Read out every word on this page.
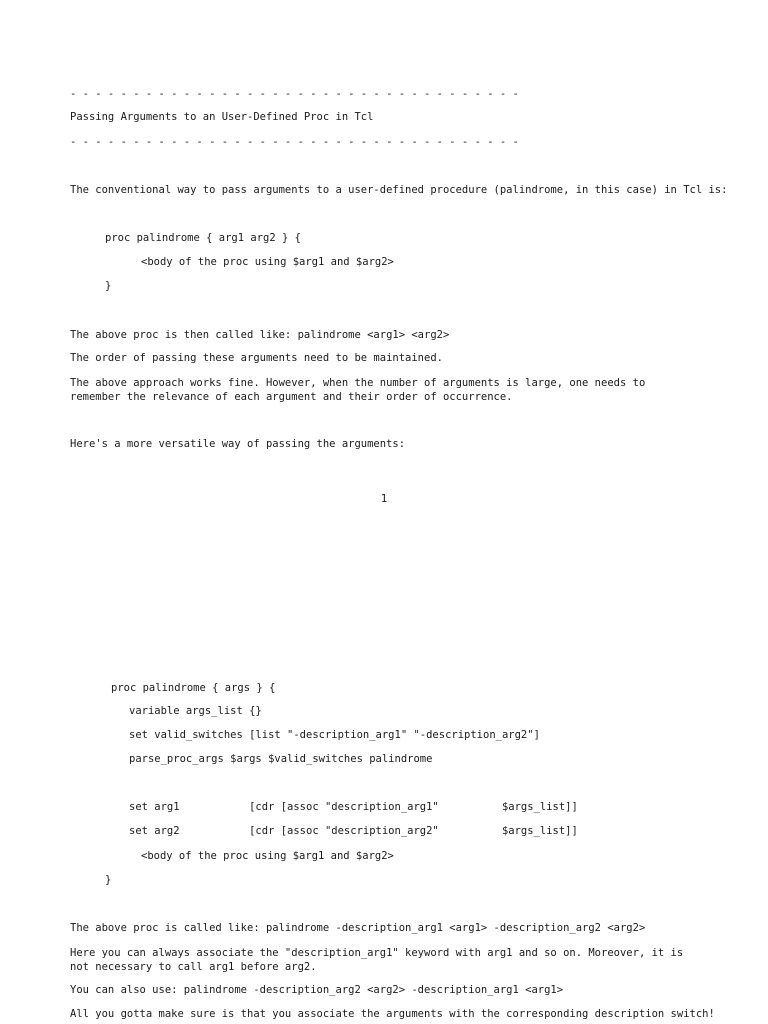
- - - - - - - - - - - - - - - - - - - - - - - - - - - - - - - - - - - -
Passing Arguments to an User-Defined Proc in Tcl
- - - - - - - - - - - - - - - - - - - - - - - - - - - - - - - - - - - -
The conventional way to pass arguments to a user-defined procedure (palindrome, in this case) in Tcl is:
proc palindrome { arg1 arg2 } {
<body of the proc using $arg1 and $arg2>
}
The above proc is then called like: palindrome <arg1> <arg2>
The order of passing these arguments need to be maintained.
The above approach works fine. However, when the number of arguments is large, one needs to remember the relevance of each argument and their order of occurrence.
Here's a more versatile way of passing the arguments:
1
proc palindrome { args } {
variable args_list {}
set valid_switches [list "-description_arg1" "-description_arg2"]
parse_proc_args $args $valid_switches palindrome
set arg1           [cdr [assoc "description_arg1"          $args_list]]
set arg2           [cdr [assoc "description_arg2"          $args_list]]
<body of the proc using $arg1 and $arg2>
}
The above proc is called like: palindrome -description_arg1 <arg1> -description_arg2 <arg2>
Here you can always associate the "description_arg1" keyword with arg1 and so on. Moreover, it is not necessary to call arg1 before arg2.
You can also use: palindrome -description_arg2 <arg2> -description_arg1 <arg1>
All you gotta make sure is that you associate the arguments with the corresponding description switch!
